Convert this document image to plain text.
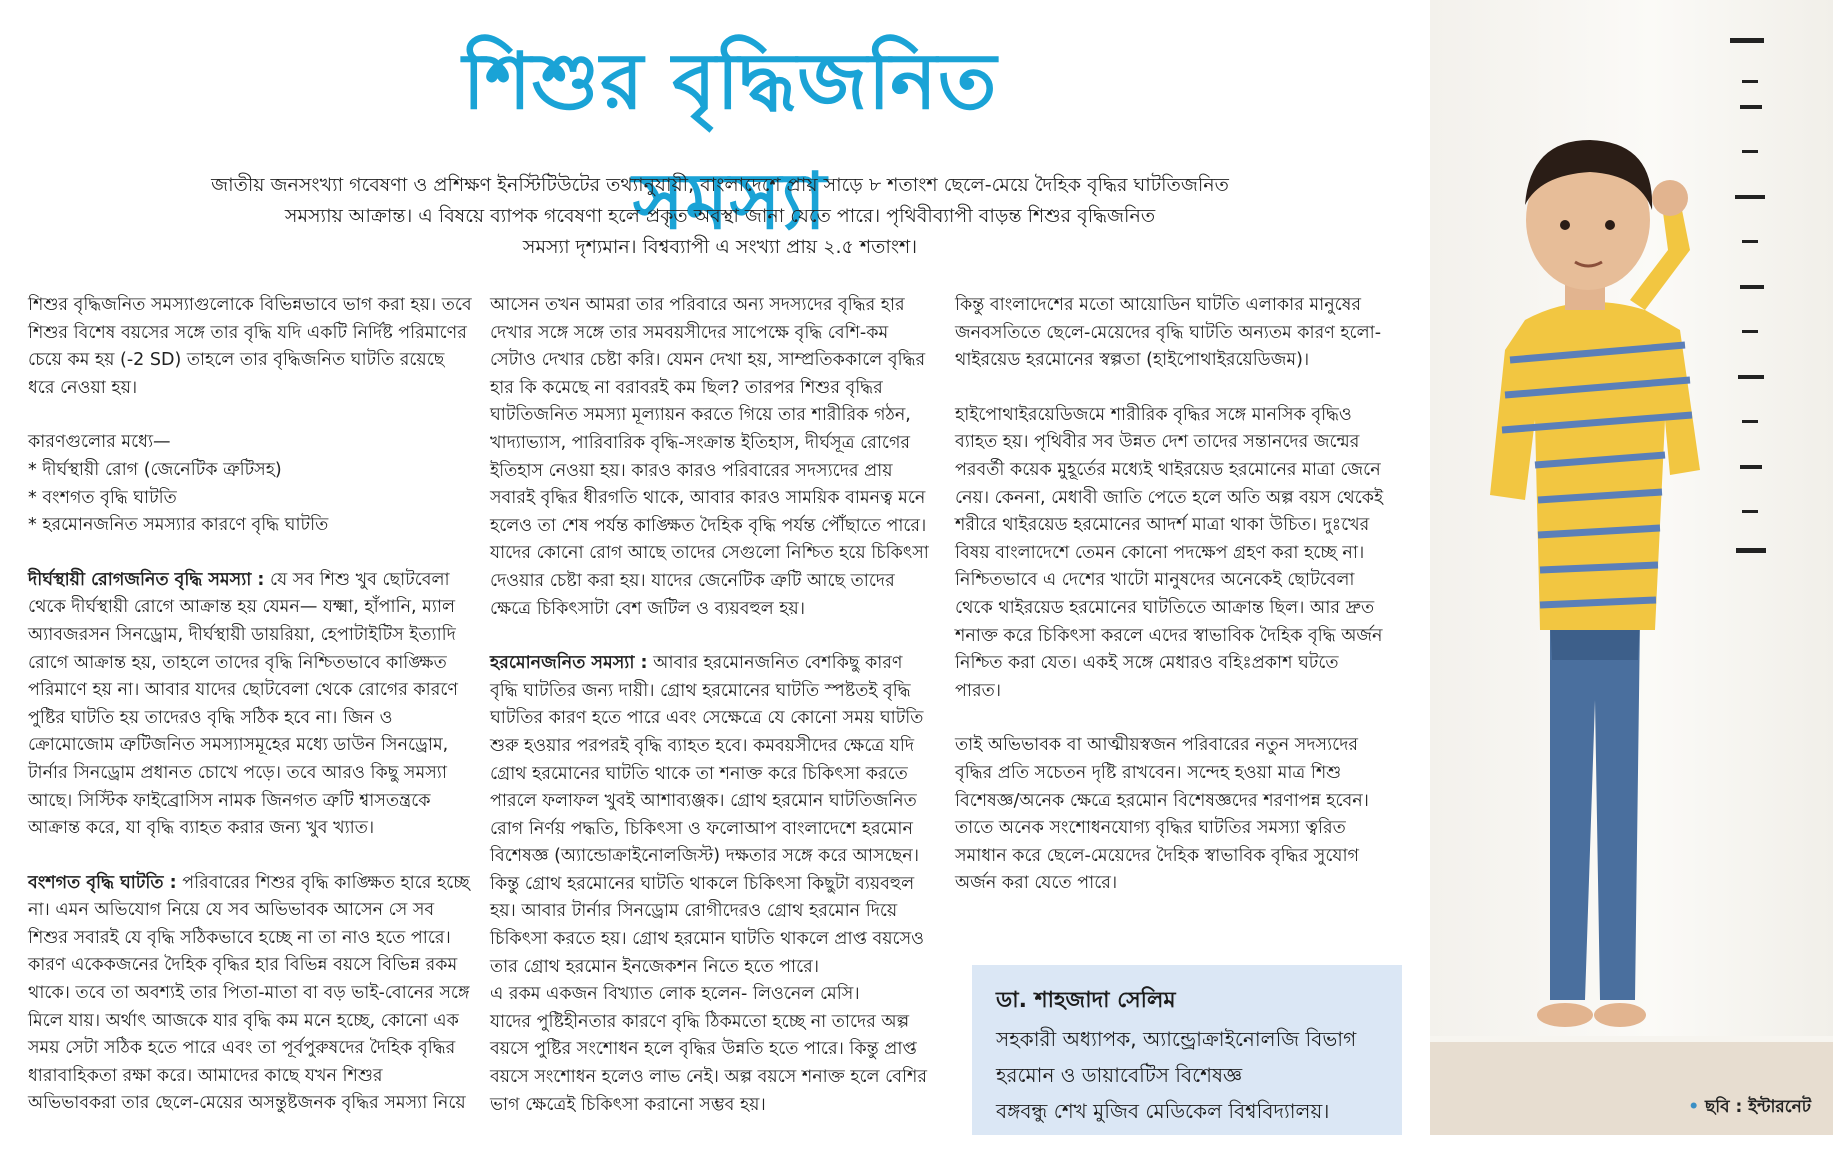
শিশুর বৃদ্ধিজনিত সমস্যা
জাতীয় জনসংখ্যা গবেষণা ও প্রশিক্ষণ ইনস্টিটিউটের তথ্যানুযায়ী, বাংলাদেশে প্রায় সাড়ে ৮ শতাংশ ছেলে-মেয়ে দৈহিক বৃদ্ধির ঘাটতিজনিত
সমস্যায় আক্রান্ত। এ বিষয়ে ব্যাপক গবেষণা হলে প্রকৃত অবস্থা জানা যেতে পারে। পৃথিবীব্যাপী বাড়ন্ত শিশুর বৃদ্ধিজনিত
সমস্যা দৃশ্যমান। বিশ্বব্যাপী এ সংখ্যা প্রায় ২.৫ শতাংশ।

শিশুর বৃদ্ধিজনিত সমস্যাগুলোকে বিভিন্নভাবে ভাগ করা হয়। তবে শিশুর বিশেষ বয়সের সঙ্গে তার বৃদ্ধি যদি একটি নির্দিষ্ট পরিমাণের চেয়ে কম হয় (-2 SD) তাহলে তার বৃদ্ধিজনিত ঘাটতি রয়েছে ধরে নেওয়া হয়।

কারণগুলোর মধ্যে—
* দীর্ঘস্থায়ী রোগ (জেনেটিক ত্রুটিসহ)
* বংশগত বৃদ্ধি ঘাটতি
* হরমোনজনিত সমস্যার কারণে বৃদ্ধি ঘাটতি

দীর্ঘস্থায়ী রোগজনিত বৃদ্ধি সমস্যা : যে সব শিশু খুব ছোটবেলা থেকে দীর্ঘস্থায়ী রোগে আক্রান্ত হয় যেমন— যক্ষ্মা, হাঁপানি, ম্যাল অ্যাবজরসন সিনড্রোম, দীর্ঘস্থায়ী ডায়রিয়া, হেপাটাইটিস ইত্যাদি রোগে আক্রান্ত হয়, তাহলে তাদের বৃদ্ধি নিশ্চিতভাবে কাঙ্ক্ষিত পরিমাণে হয় না। আবার যাদের ছোটবেলা থেকে রোগের কারণে পুষ্টির ঘাটতি হয় তাদেরও বৃদ্ধি সঠিক হবে না। জিন ও ক্রোমোজোম ত্রুটিজনিত সমস্যাসমূহের মধ্যে ডাউন সিনড্রোম, টার্নার সিনড্রোম প্রধানত চোখে পড়ে। তবে আরও কিছু সমস্যা আছে। সিস্টিক ফাইব্রোসিস নামক জিনগত ত্রুটি শ্বাসতন্ত্রকে আক্রান্ত করে, যা বৃদ্ধি ব্যাহত করার জন্য খুব খ্যাত।

বংশগত বৃদ্ধি ঘাটতি : পরিবারের শিশুর বৃদ্ধি কাঙ্ক্ষিত হারে হচ্ছে না। এমন অভিযোগ নিয়ে যে সব অভিভাবক আসেন সে সব শিশুর সবারই যে বৃদ্ধি সঠিকভাবে হচ্ছে না তা নাও হতে পারে। কারণ একেকজনের দৈহিক বৃদ্ধির হার বিভিন্ন বয়সে বিভিন্ন রকম থাকে। তবে তা অবশ্যই তার পিতা-মাতা বা বড় ভাই-বোনের সঙ্গে মিলে যায়। অর্থাৎ আজকে যার বৃদ্ধি কম মনে হচ্ছে, কোনো এক সময় সেটা সঠিক হতে পারে এবং তা পূর্বপুরুষদের দৈহিক বৃদ্ধির ধারাবাহিকতা রক্ষা করে। আমাদের কাছে যখন শিশুর অভিভাবকরা তার ছেলে-মেয়ের অসন্তুষ্টজনক বৃদ্ধির সমস্যা নিয়ে

আসেন তখন আমরা তার পরিবারে অন্য সদস্যদের বৃদ্ধির হার দেখার সঙ্গে সঙ্গে তার সমবয়সীদের সাপেক্ষে বৃদ্ধি বেশি-কম সেটাও দেখার চেষ্টা করি। যেমন দেখা হয়, সাম্প্রতিককালে বৃদ্ধির হার কি কমেছে না বরাবরই কম ছিল? তারপর শিশুর বৃদ্ধির ঘাটতিজনিত সমস্যা মূল্যায়ন করতে গিয়ে তার শারীরিক গঠন, খাদ্যাভ্যাস, পারিবারিক বৃদ্ধি-সংক্রান্ত ইতিহাস, দীর্ঘসূত্র রোগের ইতিহাস নেওয়া হয়। কারও কারও পরিবারের সদস্যদের প্রায় সবারই বৃদ্ধির ধীরগতি থাকে, আবার কারও সাময়িক বামনত্ব মনে হলেও তা শেষ পর্যন্ত কাঙ্ক্ষিত দৈহিক বৃদ্ধি পর্যন্ত পৌঁছাতে পারে। যাদের কোনো রোগ আছে তাদের সেগুলো নিশ্চিত হয়ে চিকিৎসা দেওয়ার চেষ্টা করা হয়। যাদের জেনেটিক ত্রুটি আছে তাদের ক্ষেত্রে চিকিৎসাটা বেশ জটিল ও ব্যয়বহুল হয়।

হরমোনজনিত সমস্যা : আবার হরমোনজনিত বেশকিছু কারণ বৃদ্ধি ঘাটতির জন্য দায়ী। গ্রোথ হরমোনের ঘাটতি স্পষ্টতই বৃদ্ধি ঘাটতির কারণ হতে পারে এবং সেক্ষেত্রে যে কোনো সময় ঘাটতি শুরু হওয়ার পরপরই বৃদ্ধি ব্যাহত হবে। কমবয়সীদের ক্ষেত্রে যদি গ্রোথ হরমোনের ঘাটতি থাকে তা শনাক্ত করে চিকিৎসা করতে পারলে ফলাফল খুবই আশাব্যঞ্জক। গ্রোথ হরমোন ঘাটতিজনিত রোগ নির্ণয় পদ্ধতি, চিকিৎসা ও ফলোআপ বাংলাদেশে হরমোন বিশেষজ্ঞ (অ্যান্ডোক্রাইনোলজিস্ট) দক্ষতার সঙ্গে করে আসছেন। কিন্তু গ্রোথ হরমোনের ঘাটতি থাকলে চিকিৎসা কিছুটা ব্যয়বহুল হয়। আবার টার্নার সিনড্রোম রোগীদেরও গ্রোথ হরমোন দিয়ে চিকিৎসা করতে হয়। গ্রোথ হরমোন ঘাটতি থাকলে প্রাপ্ত বয়সেও তার গ্রোথ হরমোন ইনজেকশন নিতে হতে পারে।

এ রকম একজন বিখ্যাত লোক হলেন- লিওনেল মেসি।

যাদের পুষ্টিহীনতার কারণে বৃদ্ধি ঠিকমতো হচ্ছে না তাদের অল্প বয়সে পুষ্টির সংশোধন হলে বৃদ্ধির উন্নতি হতে পারে। কিন্তু প্রাপ্ত বয়সে সংশোধন হলেও লাভ নেই। অল্প বয়সে শনাক্ত হলে বেশির ভাগ ক্ষেত্রেই চিকিৎসা করানো সম্ভব হয়।

কিন্তু বাংলাদেশের মতো আয়োডিন ঘাটতি এলাকার মানুষের জনবসতিতে ছেলে-মেয়েদের বৃদ্ধি ঘাটতি অন্যতম কারণ হলো- থাইরয়েড হরমোনের স্বল্পতা (হাইপোথাইরয়েডিজম)।

হাইপোথাইরয়েডিজমে শারীরিক বৃদ্ধির সঙ্গে মানসিক বৃদ্ধিও ব্যাহত হয়। পৃথিবীর সব উন্নত দেশ তাদের সন্তানদের জন্মের পরবর্তী কয়েক মুহূর্তের মধ্যেই থাইরয়েড হরমোনের মাত্রা জেনে নেয়। কেননা, মেধাবী জাতি পেতে হলে অতি অল্প বয়স থেকেই শরীরে থাইরয়েড হরমোনের আদর্শ মাত্রা থাকা উচিত। দুঃখের বিষয় বাংলাদেশে তেমন কোনো পদক্ষেপ গ্রহণ করা হচ্ছে না। নিশ্চিতভাবে এ দেশের খাটো মানুষদের অনেকেই ছোটবেলা থেকে থাইরয়েড হরমোনের ঘাটতিতে আক্রান্ত ছিল। আর দ্রুত শনাক্ত করে চিকিৎসা করলে এদের স্বাভাবিক দৈহিক বৃদ্ধি অর্জন নিশ্চিত করা যেত। একই সঙ্গে মেধারও বহিঃপ্রকাশ ঘটতে পারত।

তাই অভিভাবক বা আত্মীয়স্বজন পরিবারের নতুন সদস্যদের বৃদ্ধির প্রতি সচেতন দৃষ্টি রাখবেন। সন্দেহ হওয়া মাত্র শিশু বিশেষজ্ঞ/অনেক ক্ষেত্রে হরমোন বিশেষজ্ঞদের শরণাপন্ন হবেন। তাতে অনেক সংশোধনযোগ্য বৃদ্ধির ঘাটতির সমস্যা ত্বরিত সমাধান করে ছেলে-মেয়েদের দৈহিক স্বাভাবিক বৃদ্ধির সুযোগ অর্জন করা যেতে পারে।

ডা. শাহজাদা সেলিম
সহকারী অধ্যাপক, অ্যান্ড্রোক্রাইনোলজি বিভাগ
হরমোন ও ডায়াবেটিস বিশেষজ্ঞ
বঙ্গবন্ধু শেখ মুজিব মেডিকেল বিশ্ববিদ্যালয়।	• ছবি : ইন্টারনেট
